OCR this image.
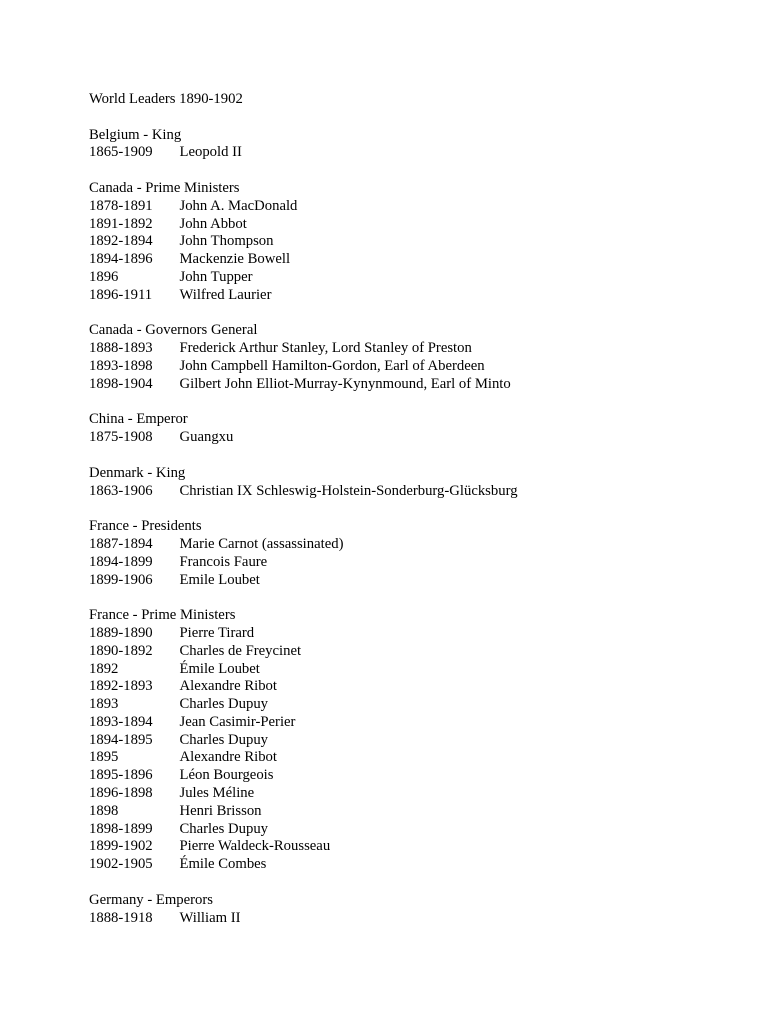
World Leaders 1890-1902
Belgium - King
1865-1909	Leopold II
Canada - Prime Ministers
1878-1891	John A. MacDonald
1891-1892	John Abbot
1892-1894	John Thompson
1894-1896	Mackenzie Bowell
1896	John Tupper
1896-1911	Wilfred Laurier
Canada - Governors General
1888-1893	Frederick Arthur Stanley, Lord Stanley of Preston
1893-1898	John Campbell Hamilton-Gordon, Earl of Aberdeen
1898-1904	Gilbert John Elliot-Murray-Kynynmound, Earl of Minto
China - Emperor
1875-1908	Guangxu
Denmark - King
1863-1906	Christian IX Schleswig-Holstein-Sonderburg-Glücksburg
France - Presidents
1887-1894	Marie Carnot (assassinated)
1894-1899	Francois Faure
1899-1906	Emile Loubet
France - Prime Ministers
1889-1890	Pierre Tirard
1890-1892	Charles de Freycinet
1892	Émile Loubet
1892-1893	Alexandre Ribot
1893	Charles Dupuy
1893-1894	Jean Casimir-Perier
1894-1895	Charles Dupuy
1895	Alexandre Ribot
1895-1896	Léon Bourgeois
1896-1898	Jules Méline
1898	Henri Brisson
1898-1899	Charles Dupuy
1899-1902	Pierre Waldeck-Rousseau
1902-1905	Émile Combes
Germany - Emperors
1888-1918	William II
